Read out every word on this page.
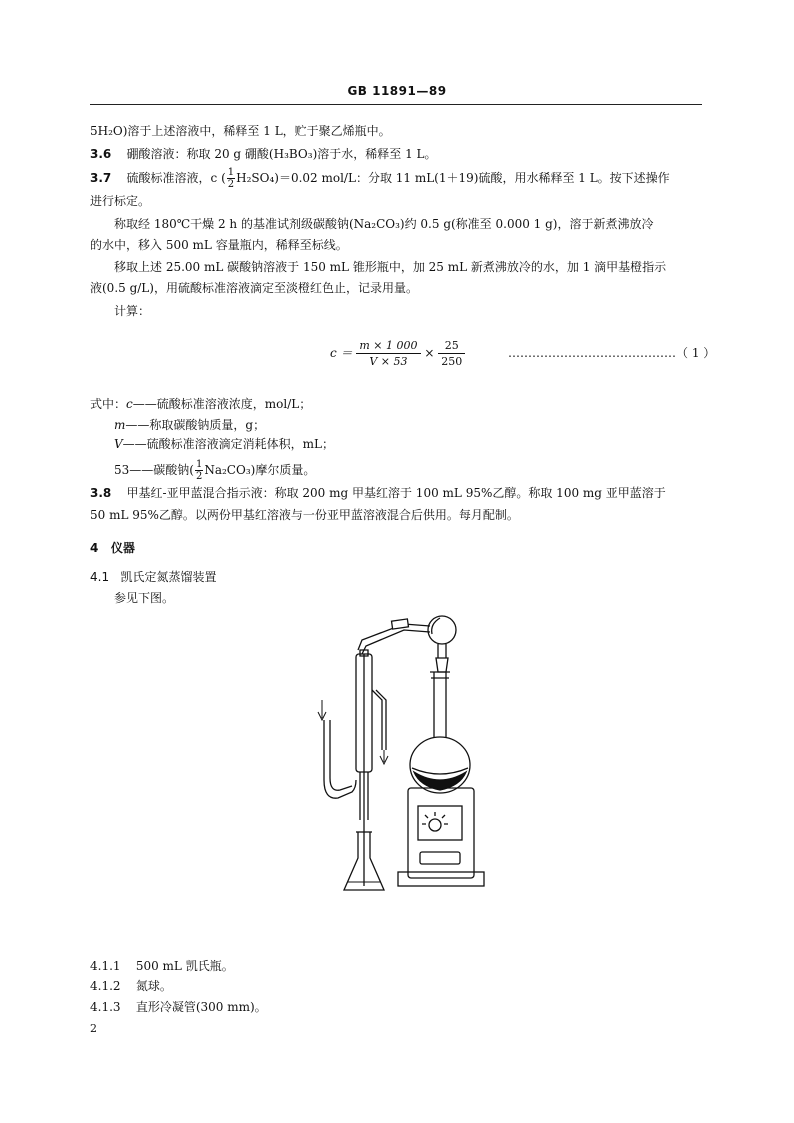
GB 11891—89
5H₂O)溶于上述溶液中，稀释至 1 L，贮于聚乙烯瓶中。
3.6 硼酸溶液：称取 20 g 硼酸(H₃BO₃)溶于水，稀释至 1 L。
3.7 硫酸标准溶液，c ( $\frac{1}{2} H_2SO_4)=0.02$ mol/L：分取 11 mL(1＋19)硫酸，用水稀释至 1 L。按下述操作
进行标定。
称取经 180℃干燥 2 h 的基准试剂级碳酸钠(Na₂CO₃)约 0.5 g(称准至 0.000 1 g)，溶于新煮沸放冷
的水中，移入 500 mL 容量瓶内，稀释至标线。
移取上述 25.00 mL 碳酸钠溶液于 150 mL 锥形瓶中，加 25 mL 新煮沸放冷的水，加 1 滴甲基橙指示
液(0.5 g/L)，用硫酸标准溶液滴定至淡橙红色止，记录用量。
计算：
$c = \frac{m \times 1 000}{V \times 53} \times \frac{25}{250}$	……………………………………（ 1 ）
式中：c——硫酸标准溶液浓度，mol/L；
m——称取碳酸钠质量，g；
V——硫酸标准溶液滴定消耗体积，mL；
53——碳酸钠( $\frac{1}{2} Na_2CO_3$)摩尔质量。
3.8 甲基红-亚甲蓝混合指示液：称取 200 mg 甲基红溶于 100 mL 95%乙醇。称取 100 mg 亚甲蓝溶于
50 mL 95%乙醇。以两份甲基红溶液与一份亚甲蓝溶液混合后供用。每月配制。
4 仪器
4.1 凯氏定氮蒸馏装置
参见下图。
4.1.1 500 mL 凯氏瓶。
4.1.2 氮球。
4.1.3 直形冷凝管(300 mm)。
2
